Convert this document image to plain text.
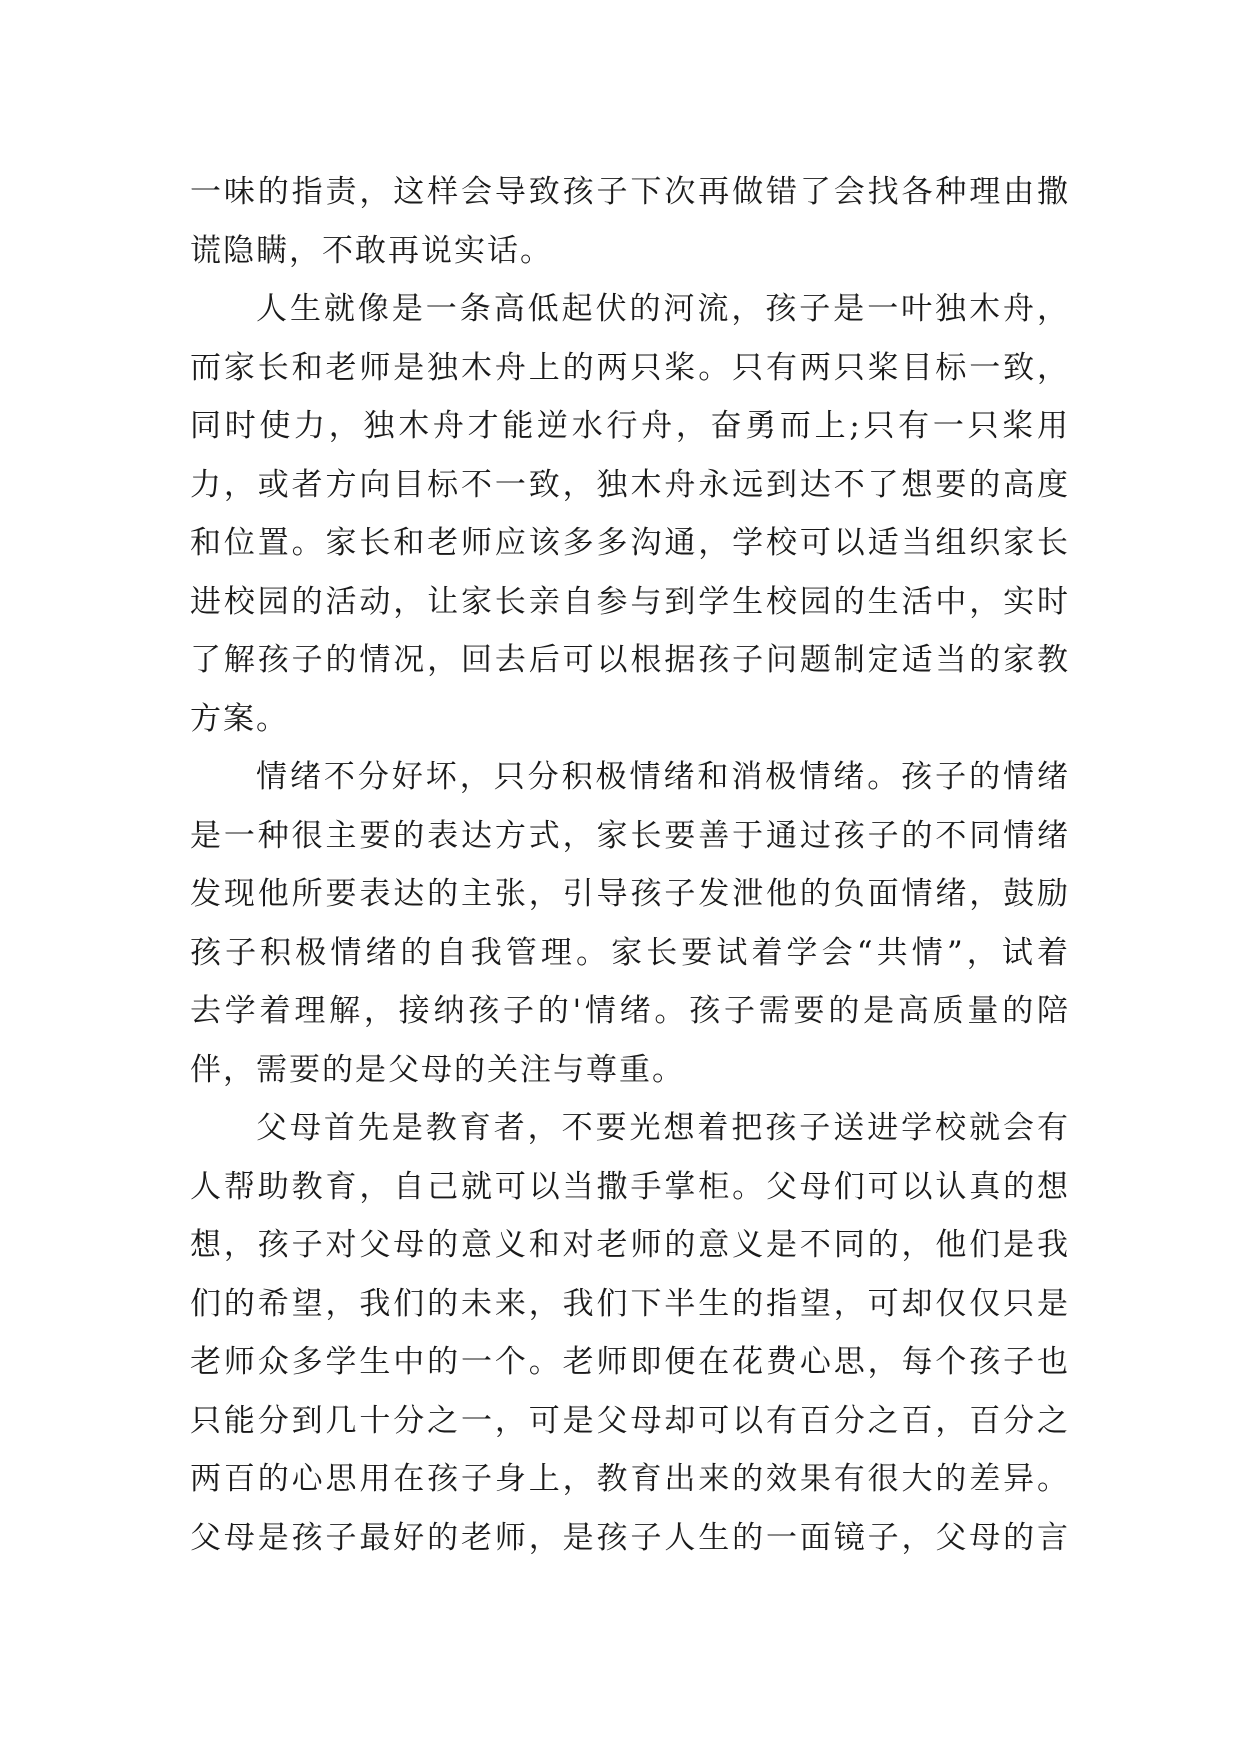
一味的指责，这样会导致孩子下次再做错了会找各种理由撒
谎隐瞒，不敢再说实话。
人生就像是一条高低起伏的河流，孩子是一叶独木舟，
而家长和老师是独木舟上的两只桨。只有两只桨目标一致，
同时使力，独木舟才能逆水行舟，奋勇而上;只有一只桨用
力，或者方向目标不一致，独木舟永远到达不了想要的高度
和位置。家长和老师应该多多沟通，学校可以适当组织家长
进校园的活动，让家长亲自参与到学生校园的生活中，实时
了解孩子的情况，回去后可以根据孩子问题制定适当的家教
方案。
情绪不分好坏，只分积极情绪和消极情绪。孩子的情绪
是一种很主要的表达方式，家长要善于通过孩子的不同情绪
发现他所要表达的主张，引导孩子发泄他的负面情绪，鼓励
孩子积极情绪的自我管理。家长要试着学会“共情”，试着
去学着理解，接纳孩子的'情绪。孩子需要的是高质量的陪
伴，需要的是父母的关注与尊重。
父母首先是教育者，不要光想着把孩子送进学校就会有
人帮助教育，自己就可以当撒手掌柜。父母们可以认真的想
想，孩子对父母的意义和对老师的意义是不同的，他们是我
们的希望，我们的未来，我们下半生的指望，可却仅仅只是
老师众多学生中的一个。老师即便在花费心思，每个孩子也
只能分到几十分之一，可是父母却可以有百分之百，百分之
两百的心思用在孩子身上，教育出来的效果有很大的差异。
父母是孩子最好的老师，是孩子人生的一面镜子，父母的言
